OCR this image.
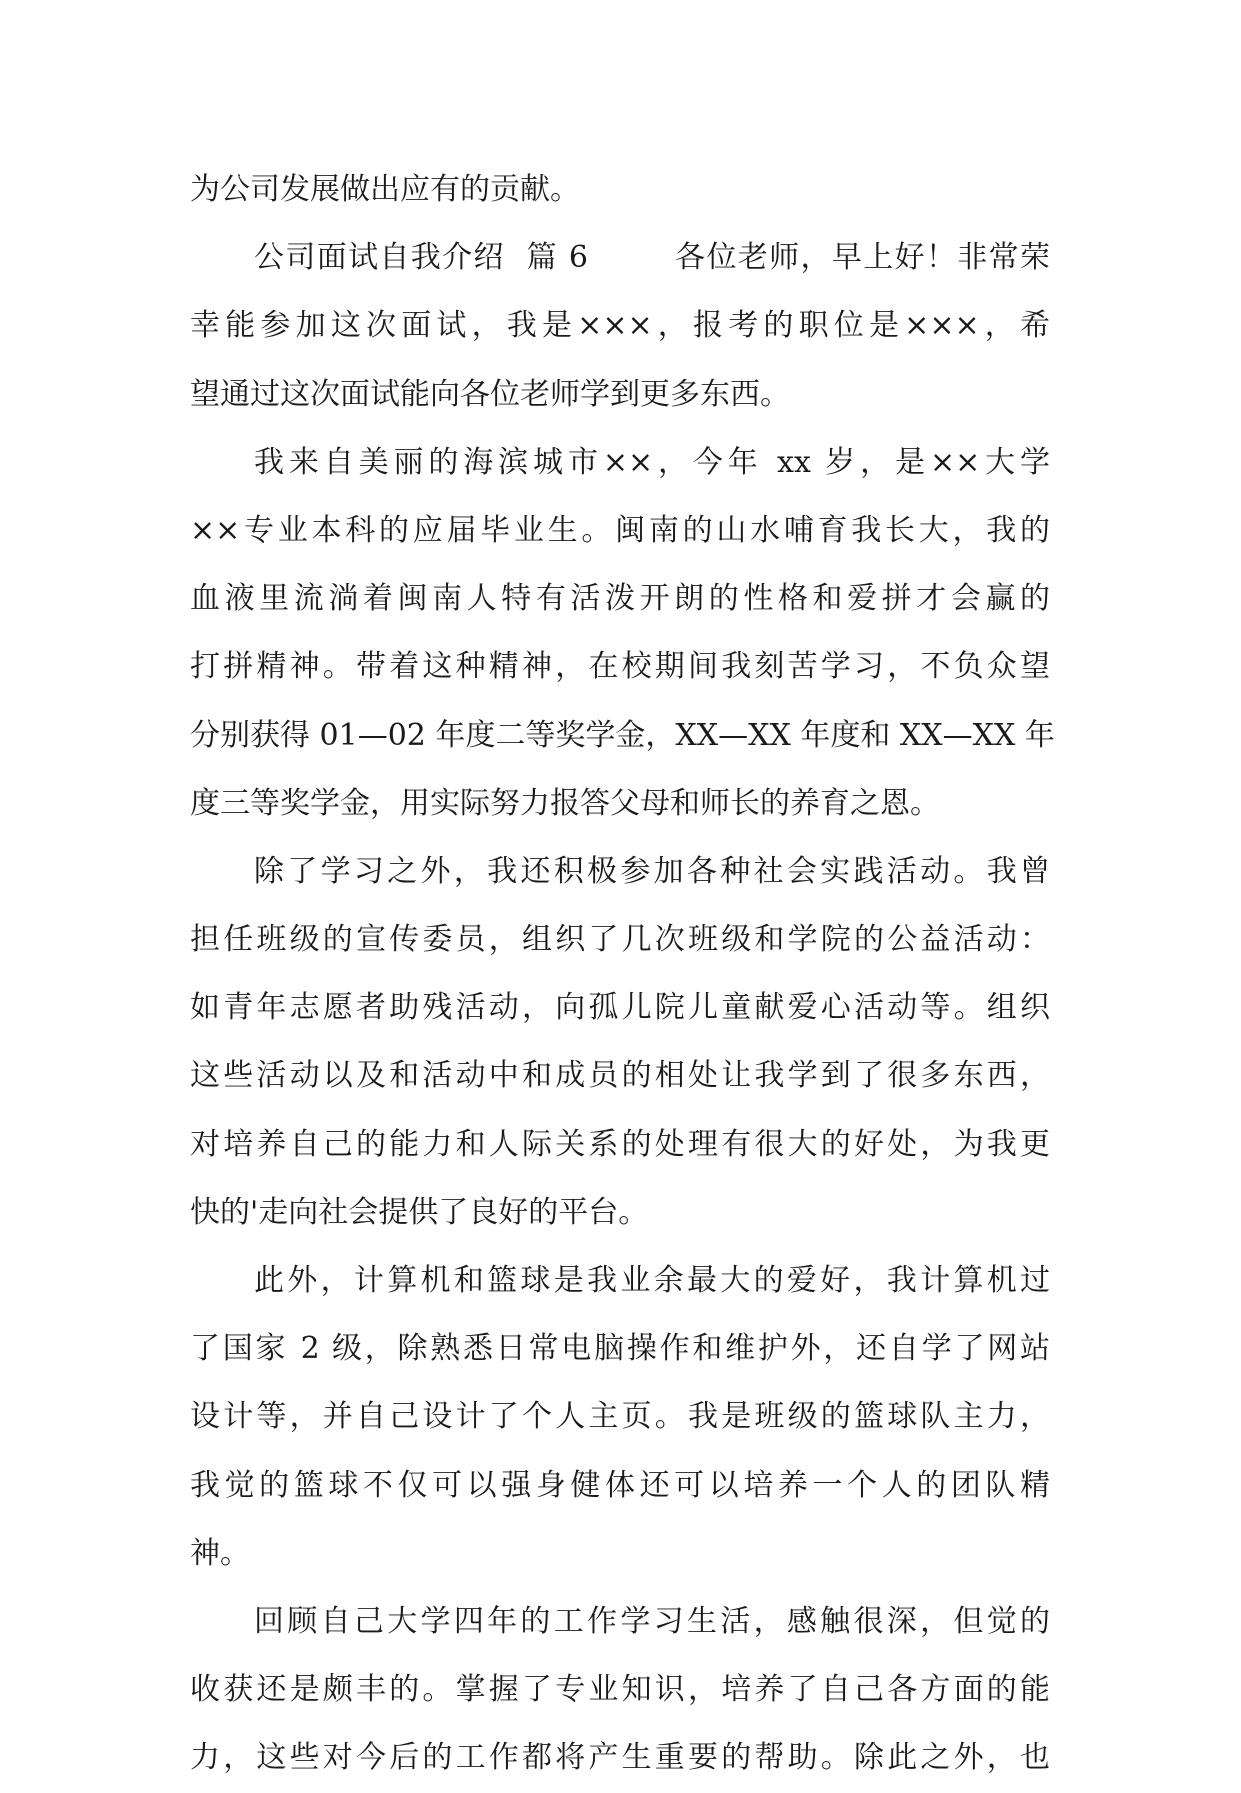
为公司发展做出应有的贡献。
公司面试自我介绍  篇 6        各位老师，早上好！非常荣
幸能参加这次面试，我是×××，报考的职位是×××，希
望通过这次面试能向各位老师学到更多东西。
我来自美丽的海滨城市××，今年 xx 岁，是××大学
××专业本科的应届毕业生。闽南的山水哺育我长大，我的
血液里流淌着闽南人特有活泼开朗的性格和爱拼才会赢的
打拼精神。带着这种精神，在校期间我刻苦学习，不负众望
分别获得 01—02 年度二等奖学金，XX—XX 年度和 XX—XX 年
度三等奖学金，用实际努力报答父母和师长的养育之恩。
除了学习之外，我还积极参加各种社会实践活动。我曾
担任班级的宣传委员，组织了几次班级和学院的公益活动：
如青年志愿者助残活动，向孤儿院儿童献爱心活动等。组织
这些活动以及和活动中和成员的相处让我学到了很多东西，
对培养自己的能力和人际关系的处理有很大的好处，为我更
快的'走向社会提供了良好的平台。
此外，计算机和篮球是我业余最大的爱好，我计算机过
了国家 2 级，除熟悉日常电脑操作和维护外，还自学了网站
设计等，并自己设计了个人主页。我是班级的篮球队主力，
我觉的篮球不仅可以强身健体还可以培养一个人的团队精
神。
回顾自己大学四年的工作学习生活，感触很深，但觉的
收获还是颇丰的。掌握了专业知识，培养了自己各方面的能
力，这些对今后的工作都将产生重要的帮助。除此之外，也
